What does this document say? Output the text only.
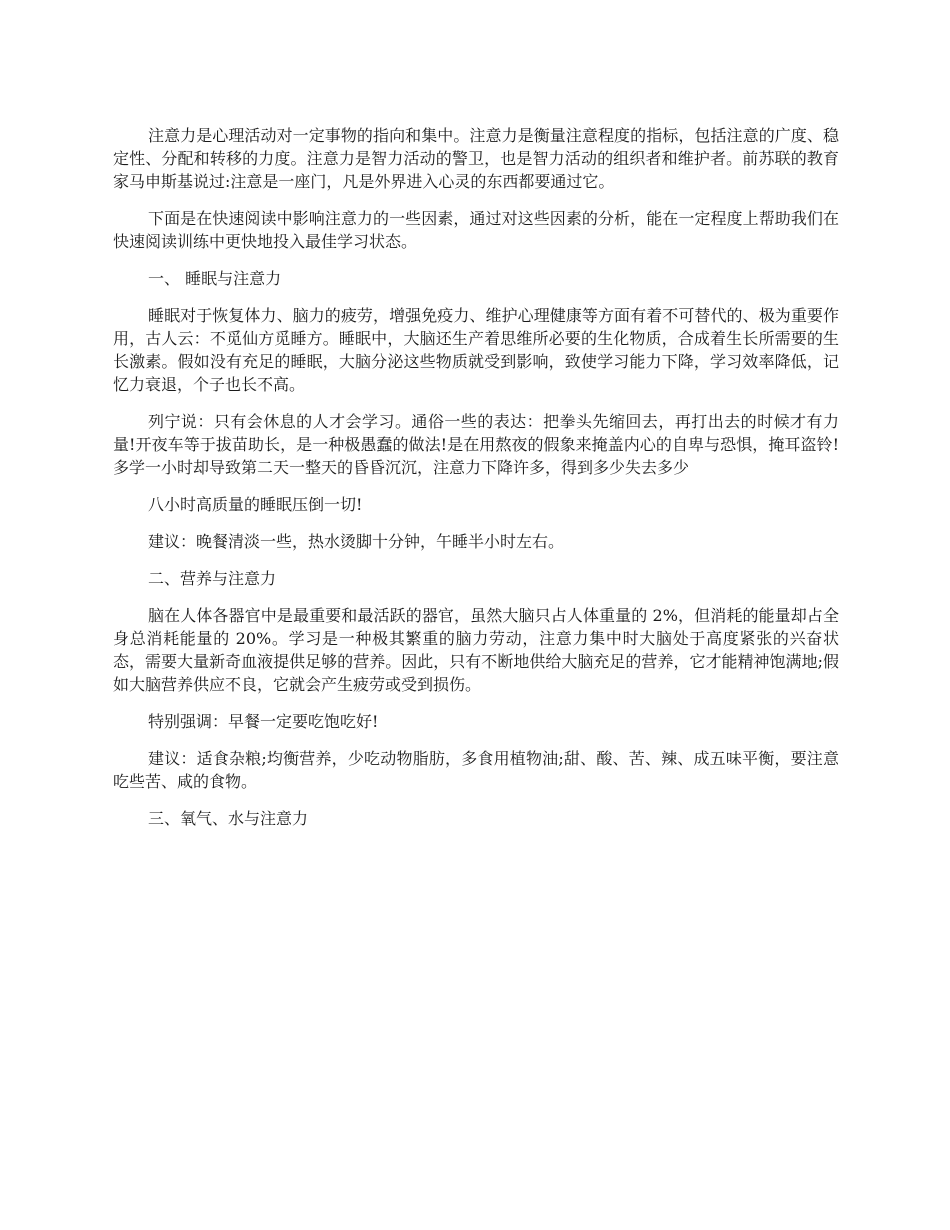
注意力是心理活动对一定事物的指向和集中。注意力是衡量注意程度的指标，包括注意的广度、稳定性、分配和转移的力度。注意力是智力活动的警卫，也是智力活动的组织者和维护者。前苏联的教育家马申斯基说过:注意是一座门，凡是外界进入心灵的东西都要通过它。

下面是在快速阅读中影响注意力的一些因素，通过对这些因素的分析，能在一定程度上帮助我们在快速阅读训练中更快地投入最佳学习状态。

一、 睡眠与注意力

睡眠对于恢复体力、脑力的疲劳，增强免疫力、维护心理健康等方面有着不可替代的、极为重要作用，古人云：不觅仙方觅睡方。睡眠中，大脑还生产着思维所必要的生化物质，合成着生长所需要的生长激素。假如没有充足的睡眠，大脑分泌这些物质就受到影响，致使学习能力下降，学习效率降低，记忆力衰退，个子也长不高。

列宁说：只有会休息的人才会学习。通俗一些的表达：把拳头先缩回去，再打出去的时候才有力量!开夜车等于拔苗助长，是一种极愚蠢的做法!是在用熬夜的假象来掩盖内心的自卑与恐惧，掩耳盗铃!多学一小时却导致第二天一整天的昏昏沉沉，注意力下降许多，得到多少失去多少

八小时高质量的睡眠压倒一切!

建议：晚餐清淡一些，热水烫脚十分钟，午睡半小时左右。

二、营养与注意力

脑在人体各器官中是最重要和最活跃的器官，虽然大脑只占人体重量的 2%，但消耗的能量却占全身总消耗能量的 20%。学习是一种极其繁重的脑力劳动，注意力集中时大脑处于高度紧张的兴奋状态，需要大量新奇血液提供足够的营养。因此，只有不断地供给大脑充足的营养，它才能精神饱满地;假如大脑营养供应不良，它就会产生疲劳或受到损伤。

特别强调：早餐一定要吃饱吃好!

建议：适食杂粮;均衡营养，少吃动物脂肪，多食用植物油;甜、酸、苦、辣、成五味平衡，要注意吃些苦、咸的食物。

三、氧气、水与注意力
